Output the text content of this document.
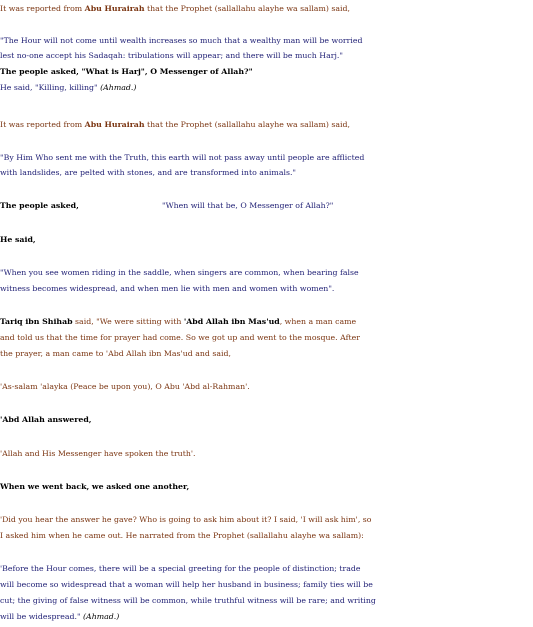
It was reported from Abu Hurairah that the Prophet (sallallahu alayhe wa sallam) said,

"The Hour will not come until wealth increases so much that a wealthy man will be worried

lest no-one accept his Sadaqah: tribulations will appear; and there will be much Harj."

The people asked, "What is Harj", O Messenger of Allah?"

He said, "Killing, killing" (Ahmad.)

It was reported from Abu Hurairah that the Prophet (sallallahu alayhe wa sallam) said,

"By Him Who sent me with the Truth, this earth will not pass away until people are afflicted

with landslides, are pelted with stones, and are transformed into animals."

The people asked,	"When will that be, O Messenger of Allah?"

He said,

"When you see women riding in the saddle, when singers are common, when bearing false

witness becomes widespread, and when men lie with men and women with women".

Tariq ibn Shihab said, "We were sitting with 'Abd Allah ibn Mas'ud, when a man came

and told us that the time for prayer had come. So we got up and went to the mosque. After

the prayer, a man came to 'Abd Allah ibn Mas'ud and said,

'As-salam 'alayka (Peace be upon you), O Abu 'Abd al-Rahman'.

'Abd Allah answered,

'Allah and His Messenger have spoken the truth'.

When we went back, we asked one another,

'Did you hear the answer he gave? Who is going to ask him about it? I said, 'I will ask him', so

I asked him when he came out. He narrated from the Prophet (sallallahu alayhe wa sallam):

'Before the Hour comes, there will be a special greeting for the people of distinction; trade

will become so widespread that a woman will help her husband in business; family ties will be

cut; the giving of false witness will be common, while truthful witness will be rare; and writing

will be widespread." (Ahmad.)
